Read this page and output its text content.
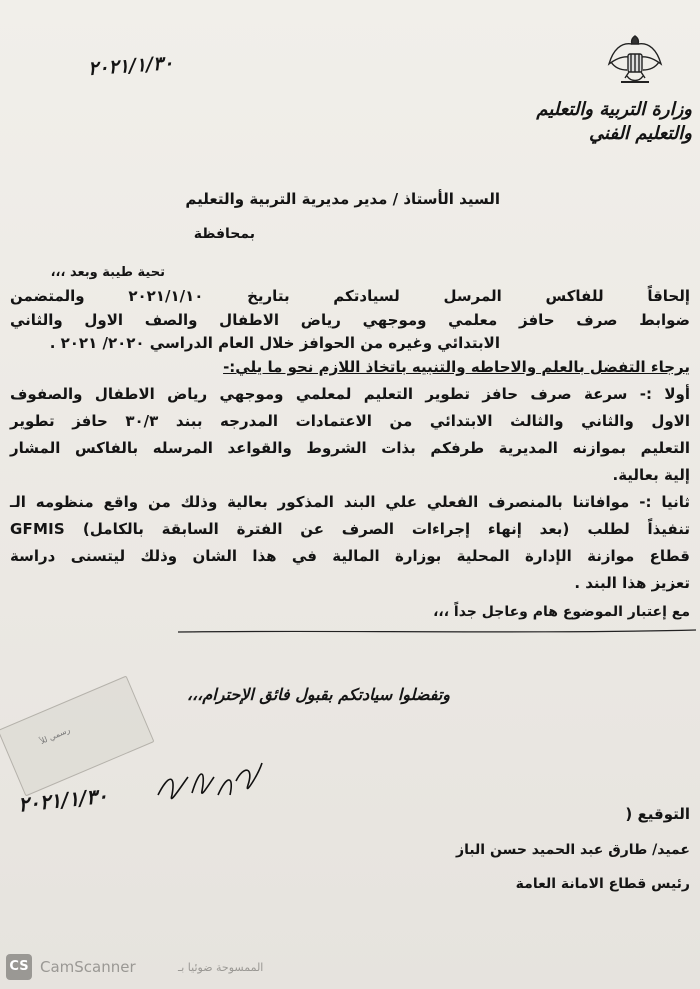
وزارة التربية والتعليم
والتعليم الفني
٢٠٢١/١/٣٠
السيد الأستاذ / مدير مديرية التربية والتعليم
بمحافظة
تحية طيبة وبعد ،،،
إلحاقاً للفاكس المرسل لسيادتكم بتاريخ ٢٠٢١/١/١٠ والمتضمن
ضوابط صرف حافز معلمي وموجهي رياض الاطفال والصف الاول والثاني
الابتدائي وغيره من الحوافز خلال العام الدراسي ٢٠٢٠/ ٢٠٢١ .
يرجاء التفضل بالعلم والاحاطه والتنبيه باتخاذ اللازم نحو ما يلي:-
أولا :- سرعة صرف حافز تطوير التعليم لمعلمي وموجهي رياض الاطفال والصفوف
الاول والثاني والثالث الابتدائي من الاعتمادات المدرجه ببند ٣٠/٣ حافز تطوير
التعليم بموازنه المديرية طرفكم بذات الشروط والقواعد المرسله بالفاكس المشار
إلية بعالية.
ثانيا :- موافاتنا بالمنصرف الفعلي علي البند المذكور بعالية وذلك من واقع منظومه الـ
GFMIS (بعد إنهاء إجراءات الصرف عن الفترة السابقة بالكامل) تنفيذاً لطلب
قطاع موازنة الإدارة المحلية بوزارة المالية في هذا الشان وذلك ليتسنى دراسة
تعزيز هذا البند .
مع إعتبار الموضوع هام وعاجل جداً ،،،
وتفضلوا سيادتكم بقبول فائق الإحترام،،،
رسمي للأ
٢٠٢١/١/٣٠	التوقيع (
عميد/ طارق عبد الحميد حسن الباز
رئيس قطاع الامانة العامة
CS CamScanner	الممسوحة ضوئيا بـ
